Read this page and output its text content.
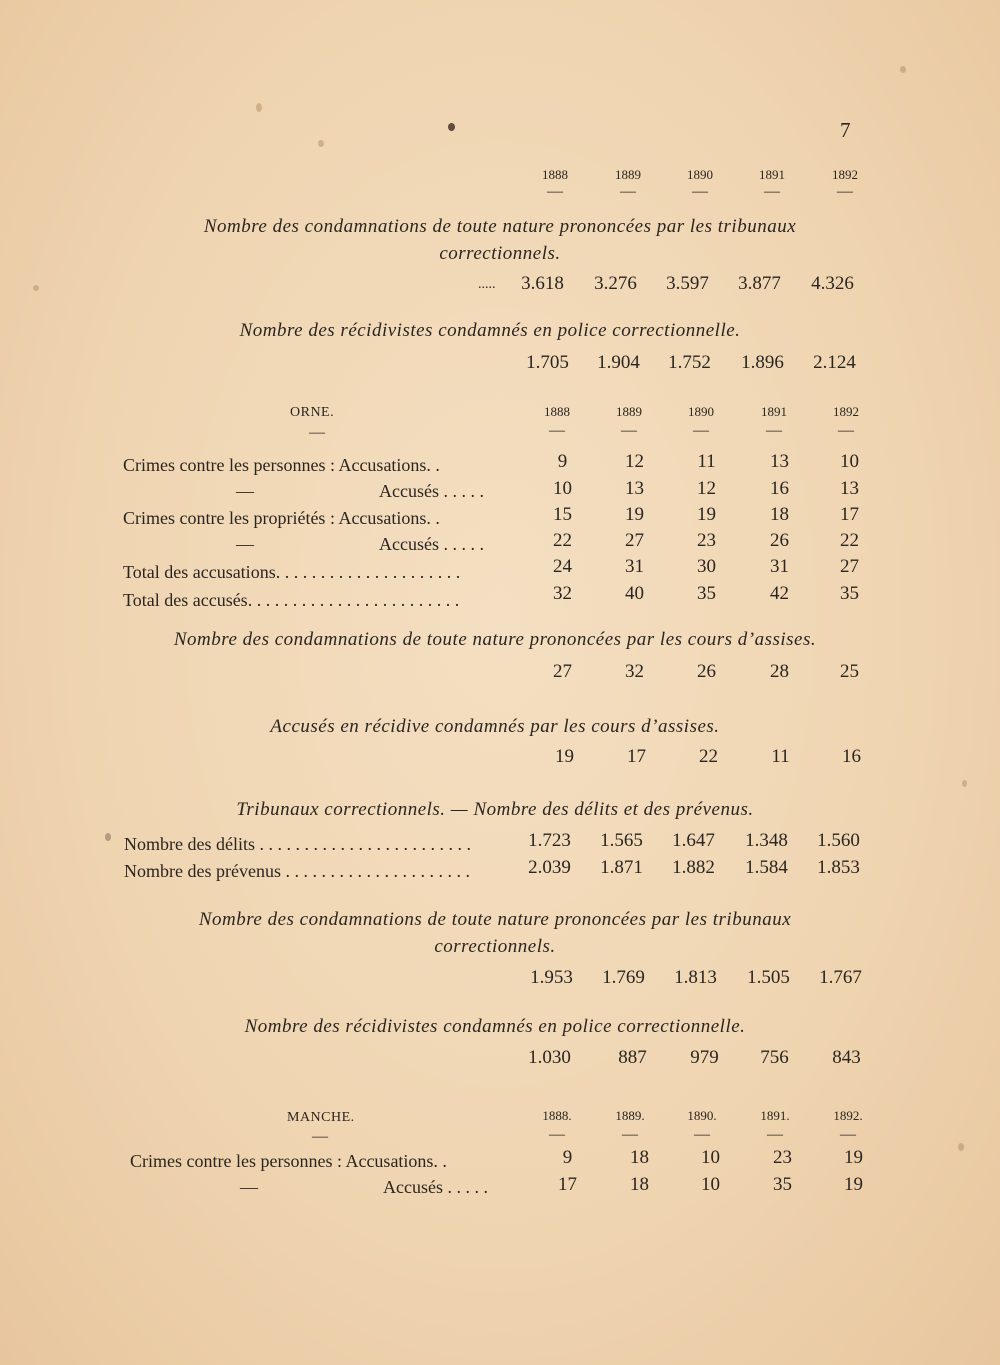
7
1888	1889	1890	1891	1892
—	—	—	—	—
Nombre des condamnations de toute nature prononcées par les tribunaux
correctionnels.
.....	3.618	3.276	3.597	3.877	4.326
Nombre des récidivistes condamnés en police correctionnelle.
1.705	1.904	1.752	1.896	2.124
ORNE.
—
1888	1889	1890	1891	1892
—	—	—	—	—
Crimes contre les personnes : Accusations. .	9	12	11	13	10
—	Accusés . . . . .	10	13	12	16	13
Crimes contre les propriétés : Accusations. .	15	19	19	18	17
—	Accusés . . . . .	22	27	23	26	22
Total des accusations. . . . . . . . . . . . . . . . . . . . .	24	31	30	31	27
Total des accusés. . . . . . . . . . . . . . . . . . . . . . . .	32	40	35	42	35
Nombre des condamnations de toute nature prononcées par les cours d’assises.
27	32	26	28	25
Accusés en récidive condamnés par les cours d’assises.
19	17	22	11	16
Tribunaux correctionnels. — Nombre des délits et des prévenus.
Nombre des délits . . . . . . . . . . . . . . . . . . . . . . . .	1.723	1.565	1.647	1.348	1.560
Nombre des prévenus . . . . . . . . . . . . . . . . . . . . .	2.039	1.871	1.882	1.584	1.853
Nombre des condamnations de toute nature prononcées par les tribunaux
correctionnels.
1.953	1.769	1.813	1.505	1.767
Nombre des récidivistes condamnés en police correctionnelle.
1.030	887	979	756	843
MANCHE.
—
1888.	1889.	1890.	1891.	1892.
—	—	—	—	—
Crimes contre les personnes : Accusations. .	9	18	10	23	19
—	Accusés . . . . .	17	18	10	35	19
